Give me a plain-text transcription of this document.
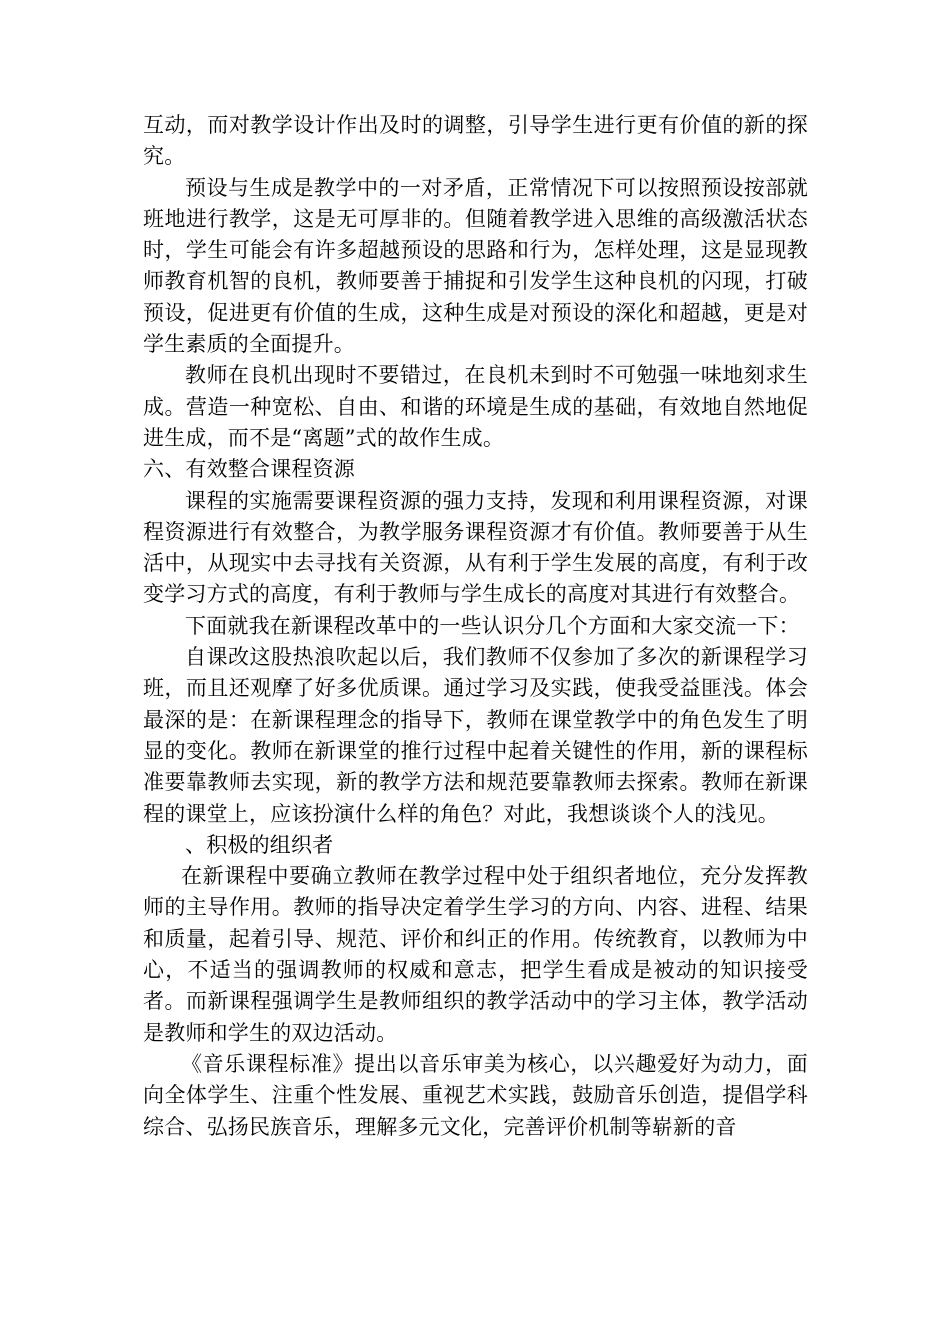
互动，而对教学设计作出及时的调整，引导学生进行更有价值的新的探究。

预设与生成是教学中的一对矛盾，正常情况下可以按照预设按部就班地进行教学，这是无可厚非的。但随着教学进入思维的高级激活状态时，学生可能会有许多超越预设的思路和行为，怎样处理，这是显现教师教育机智的良机，教师要善于捕捉和引发学生这种良机的闪现，打破预设，促进更有价值的生成，这种生成是对预设的深化和超越，更是对学生素质的全面提升。

教师在良机出现时不要错过，在良机未到时不可勉强一味地刻求生成。营造一种宽松、自由、和谐的环境是生成的基础，有效地自然地促进生成，而不是“离题”式的故作生成。

六、有效整合课程资源

课程的实施需要课程资源的强力支持，发现和利用课程资源，对课程资源进行有效整合，为教学服务课程资源才有价值。教师要善于从生活中，从现实中去寻找有关资源，从有利于学生发展的高度，有利于改变学习方式的高度，有利于教师与学生成长的高度对其进行有效整合。

下面就我在新课程改革中的一些认识分几个方面和大家交流一下：

自课改这股热浪吹起以后，我们教师不仅参加了多次的新课程学习班，而且还观摩了好多优质课。通过学习及实践，使我受益匪浅。体会最深的是：在新课程理念的指导下，教师在课堂教学中的角色发生了明显的变化。教师在新课堂的推行过程中起着关键性的作用，新的课程标准要靠教师去实现，新的教学方法和规范要靠教师去探索。教师在新课程的课堂上，应该扮演什么样的角色？对此，我想谈谈个人的浅见。

、积极的组织者

在新课程中要确立教师在教学过程中处于组织者地位，充分发挥教师的主导作用。教师的指导决定着学生学习的方向、内容、进程、结果和质量，起着引导、规范、评价和纠正的作用。传统教育，以教师为中心，不适当的强调教师的权威和意志，把学生看成是被动的知识接受者。而新课程强调学生是教师组织的教学活动中的学习主体，教学活动是教师和学生的双边活动。

《音乐课程标准》提出以音乐审美为核心，以兴趣爱好为动力，面向全体学生、注重个性发展、重视艺术实践，鼓励音乐创造，提倡学科综合、弘扬民族音乐，理解多元文化，完善评价机制等崭新的音
